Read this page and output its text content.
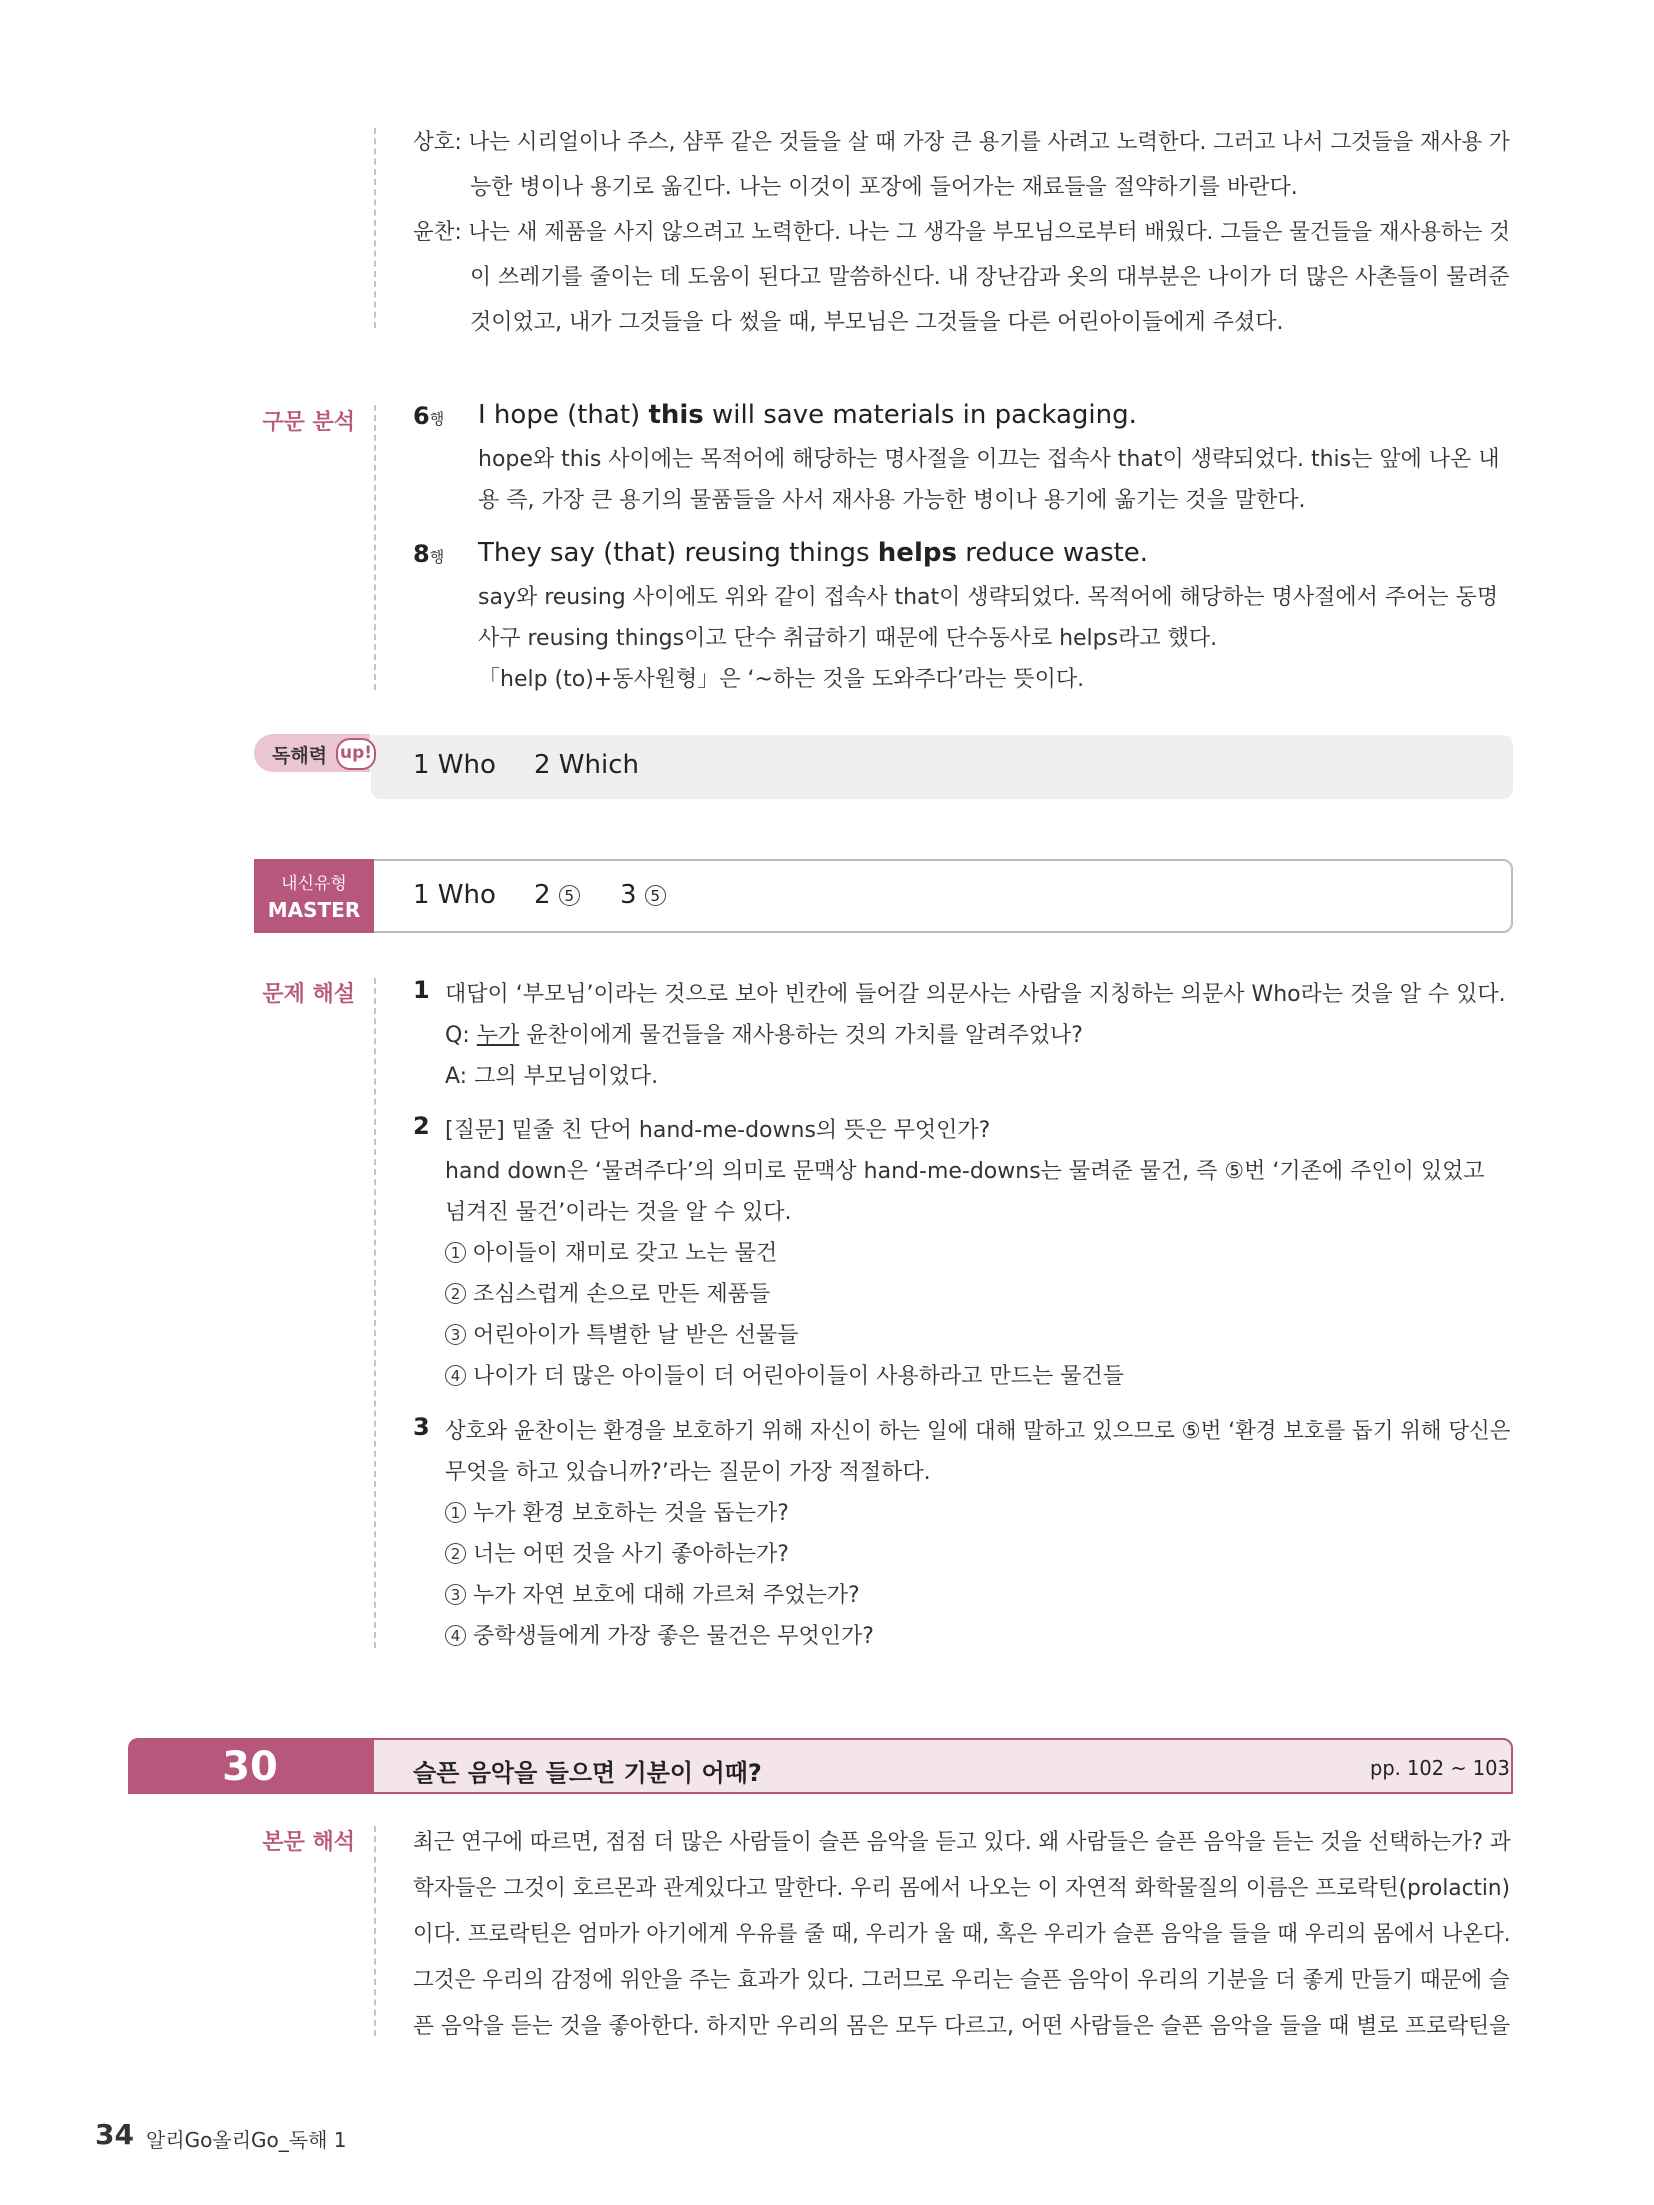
상호: 나는 시리얼이나 주스, 샴푸 같은 것들을 살 때 가장 큰 용기를 사려고 노력한다. 그러고 나서 그것들을 재사용 가
능한 병이나 용기로 옮긴다. 나는 이것이 포장에 들어가는 재료들을 절약하기를 바란다.
윤찬: 나는 새 제품을 사지 않으려고 노력한다. 나는 그 생각을 부모님으로부터 배웠다. 그들은 물건들을 재사용하는 것
이 쓰레기를 줄이는 데 도움이 된다고 말씀하신다. 내 장난감과 옷의 대부분은 나이가 더 많은 사촌들이 물려준
것이었고, 내가 그것들을 다 썼을 때, 부모님은 그것들을 다른 어린아이들에게 주셨다.
구문 분석 6행 I hope (that) this will save materials in packaging.
hope와 this 사이에는 목적어에 해당하는 명사절을 이끄는 접속사 that이 생략되었다. this는 앞에 나온 내
용 즉, 가장 큰 용기의 물품들을 사서 재사용 가능한 병이나 용기에 옮기는 것을 말한다.
8행 They say (that) reusing things helps reduce waste.
say와 reusing 사이에도 위와 같이 접속사 that이 생략되었다. 목적어에 해당하는 명사절에서 주어는 동명
사구 reusing things이고 단수 취급하기 때문에 단수동사로 helps라고 했다.
「help (to)+동사원형」은 ‘~하는 것을 도와주다’라는 뜻이다.
독해력 up! 1 Who 2 Which
내신유형
MASTER	1 Who 2 5 3 5
문제 해설 1 대답이 ‘부모님’이라는 것으로 보아 빈칸에 들어갈 의문사는 사람을 지칭하는 의문사 Who라는 것을 알 수 있다.
Q: 누가 윤찬이에게 물건들을 재사용하는 것의 가치를 알려주었나?
A: 그의 부모님이었다.
2 [질문] 밑줄 친 단어 hand-me-downs의 뜻은 무엇인가?
hand down은 ‘물려주다’의 의미로 문맥상 hand-me-downs는 물려준 물건, 즉 ⑤번 ‘기존에 주인이 있었고
넘겨진 물건’이라는 것을 알 수 있다.
1 아이들이 재미로 갖고 노는 물건
2 조심스럽게 손으로 만든 제품들
3 어린아이가 특별한 날 받은 선물들
4 나이가 더 많은 아이들이 더 어린아이들이 사용하라고 만드는 물건들
3 상호와 윤찬이는 환경을 보호하기 위해 자신이 하는 일에 대해 말하고 있으므로 ⑤번 ‘환경 보호를 돕기 위해 당신은
무엇을 하고 있습니까?’라는 질문이 가장 적절하다.
1 누가 환경 보호하는 것을 돕는가?
2 너는 어떤 것을 사기 좋아하는가?
3 누가 자연 보호에 대해 가르쳐 주었는가?
4 중학생들에게 가장 좋은 물건은 무엇인가?
30	슬픈 음악을 들으면 기분이 어때?	pp. 102 ~ 103
본문 해석	최근 연구에 따르면, 점점 더 많은 사람들이 슬픈 음악을 듣고 있다. 왜 사람들은 슬픈 음악을 듣는 것을 선택하는가? 과
학자들은 그것이 호르몬과 관계있다고 말한다. 우리 몸에서 나오는 이 자연적 화학물질의 이름은 프로락틴(prolactin)
이다. 프로락틴은 엄마가 아기에게 우유를 줄 때, 우리가 울 때, 혹은 우리가 슬픈 음악을 들을 때 우리의 몸에서 나온다.
그것은 우리의 감정에 위안을 주는 효과가 있다. 그러므로 우리는 슬픈 음악이 우리의 기분을 더 좋게 만들기 때문에 슬
픈 음악을 듣는 것을 좋아한다. 하지만 우리의 몸은 모두 다르고, 어떤 사람들은 슬픈 음악을 들을 때 별로 프로락틴을
34 알리Go올리Go_독해 1
